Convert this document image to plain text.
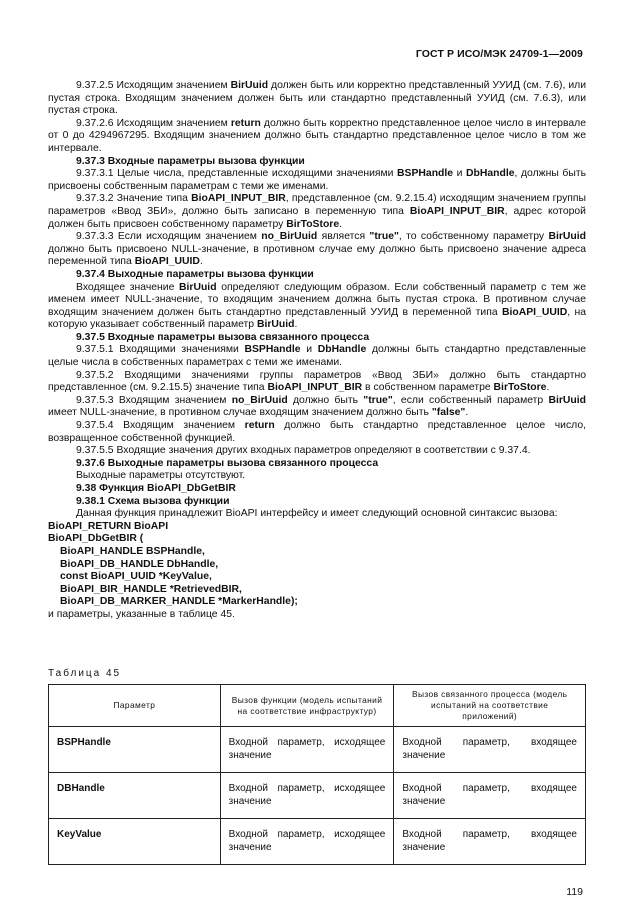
ГОСТ Р ИСО/МЭК 24709-1—2009

9.37.2.5 Исходящим значением BirUuid должен быть или корректно представленный УУИД (см. 7.6), или пустая строка. Входящим значением должен быть или стандартно представленный УУИД (см. 7.6.3), или пустая строка.

9.37.2.6 Исходящим значением return должно быть корректно представленное целое число в интервале от 0 до 4294967295. Входящим значением должно быть стандартно представленное целое число в том же интервале.

9.37.3 Входные параметры вызова функции

9.37.3.1 Целые числа, представленные исходящими значениями BSPHandle и DbHandle, должны быть присвоены собственным параметрам с теми же именами.

9.37.3.2 Значение типа BioAPI_INPUT_BIR, представленное (см. 9.2.15.4) исходящим значением группы параметров «Ввод ЗБИ», должно быть записано в переменную типа BioAPI_INPUT_BIR, адрес которой должен быть присвоен собственному параметру BirToStore.

9.37.3.3 Если исходящим значением no_BirUuid является "true", то собственному параметру BirUuid должно быть присвоено NULL-значение, в противном случае ему должно быть присвоено значение адреса переменной типа BioAPI_UUID.

9.37.4 Выходные параметры вызова функции

Входящее значение BirUuid определяют следующим образом. Если собственный параметр с тем же именем имеет NULL-значение, то входящим значением должна быть пустая строка. В противном случае входящим значением должен быть стандартно представленный УУИД в переменной типа BioAPI_UUID, на которую указывает собственный параметр BirUuid.

9.37.5 Входные параметры вызова связанного процесса

9.37.5.1 Входящими значениями BSPHandle и DbHandle должны быть стандартно представленные целые числа в собственных параметрах с теми же именами.

9.37.5.2 Входящими значениями группы параметров «Ввод ЗБИ» должно быть стандартно представленное (см. 9.2.15.5) значение типа BioAPI_INPUT_BIR в собственном параметре BirToStore.

9.37.5.3 Входящим значением no_BirUuid должно быть "true", если собственный параметр BirUuid имеет NULL-значение, в противном случае входящим значением должно быть "false".

9.37.5.4 Входящим значением return должно быть стандартно представленное целое число, возвращенное собственной функцией.

9.37.5.5 Входящие значения других входных параметров определяют в соответствии с 9.37.4.

9.37.6 Выходные параметры вызова связанного процесса

Выходные параметры отсутствуют.

9.38 Функция BioAPI_DbGetBIR

9.38.1 Схема вызова функции

Данная функция принадлежит BioAPI интерфейсу и имеет следующий основной синтаксис вызова:

BioAPI_RETURN BioAPI

BioAPI_DbGetBIR (

BioAPI_HANDLE BSPHandle,

BioAPI_DB_HANDLE DbHandle,

const BioAPI_UUID *KeyValue,

BioAPI_BIR_HANDLE *RetrievedBIR,

BioAPI_DB_MARKER_HANDLE *MarkerHandle);

и параметры, указанные в таблице 45.

Таблица 45
Параметр	Вызов функции (модель испытаний на соответствие инфраструктур)	Вызов связанного процесса (модель испытаний на соответствие приложений)
BSPHandle	Входной параметр, исходящее значение	Входной параметр, входящее значение
DBHandle	Входной параметр, исходящее значение	Входной параметр, входящее значение
KeyValue	Входной параметр, исходящее значение	Входной параметр, входящее значение
119
